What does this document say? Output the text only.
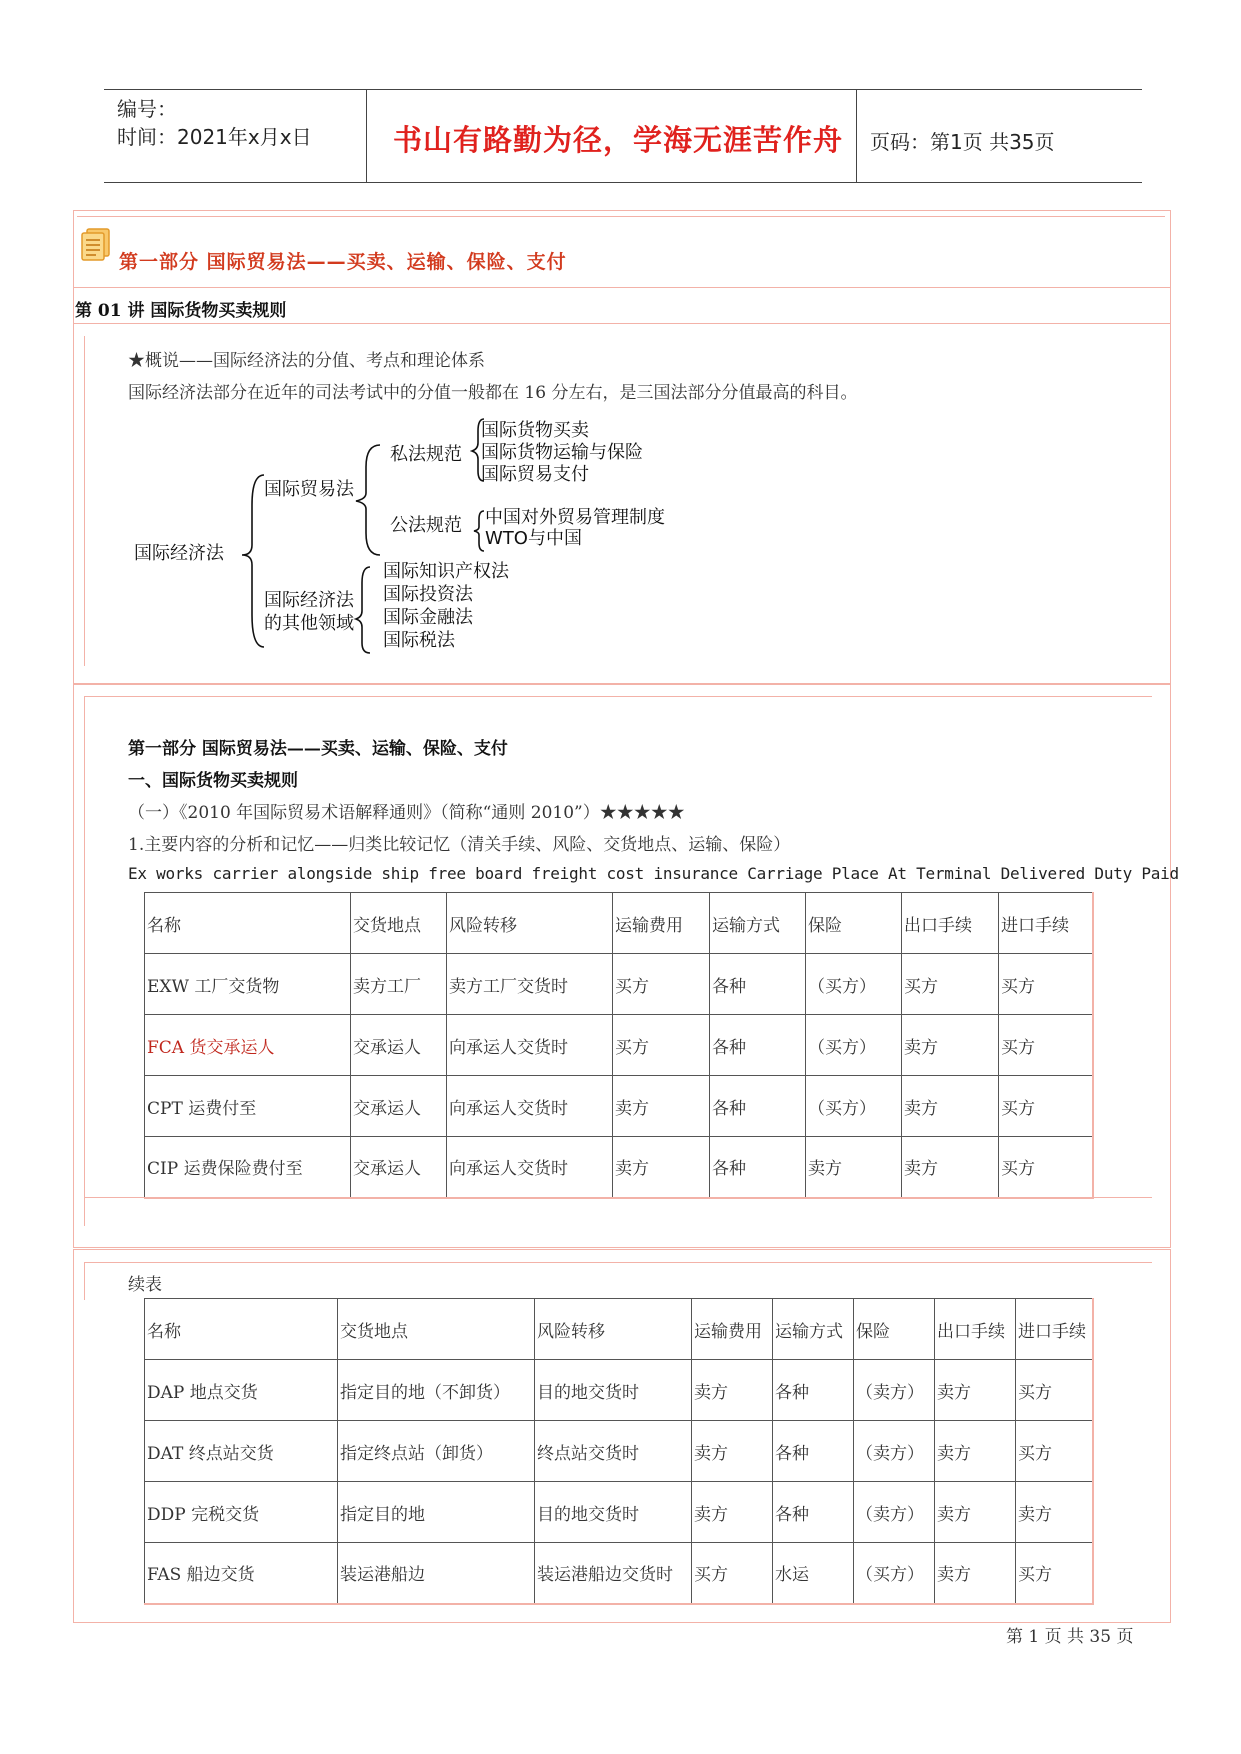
编号：
时间：2021年x月x日	书山有路勤为径，学海无涯苦作舟 页码：第1页 共35页
第一部分 国际贸易法——买卖、运输、保险、支付
第 01 讲 国际货物买卖规则
★概说——国际经济法的分值、考点和理论体系
国际经济法部分在近年的司法考试中的分值一般都在 16 分左右，是三国法部分分值最高的科目。
国际经济法
国际贸易法
私法规范
国际货物买卖
国际货物运输与保险
国际贸易支付
公法规范 中国对外贸易管理制度
WTO与中国
国际经济法
的其他领域
国际知识产权法
国际投资法
国际金融法
国际税法
第一部分 国际贸易法——买卖、运输、保险、支付
一、国际货物买卖规则
（一）《2010 年国际贸易术语解释通则》（简称“通则 2010”）★★★★★
1.主要内容的分析和记忆——归类比较记忆（清关手续、风险、交货地点、运输、保险）
Ex works carrier alongside ship free board freight cost insurance Carriage Place At Terminal Delivered Duty Paid
名称	交货地点	风险转移	运输费用	运输方式	保险	出口手续	进口手续
EXW 工厂交货物	卖方工厂	卖方工厂交货时	买方	各种	（买方）	买方	买方
FCA 货交承运人	交承运人	向承运人交货时	买方	各种	（买方）	卖方	买方
CPT 运费付至	交承运人	向承运人交货时	卖方	各种	（买方）	卖方	买方
CIP 运费保险费付至	交承运人	向承运人交货时	卖方	各种	卖方	卖方	买方
续表
名称	交货地点	风险转移	运输费用	运输方式	保险	出口手续	进口手续
DAP 地点交货	指定目的地（不卸货）	目的地交货时	卖方	各种	（卖方）	卖方	买方
DAT 终点站交货	指定终点站（卸货）	终点站交货时	卖方	各种	（卖方）	卖方	买方
DDP 完税交货	指定目的地	目的地交货时	卖方	各种	（卖方）	卖方	卖方
FAS 船边交货	装运港船边	装运港船边交货时	买方	水运	（买方）	卖方	买方
第 1 页 共 35 页
